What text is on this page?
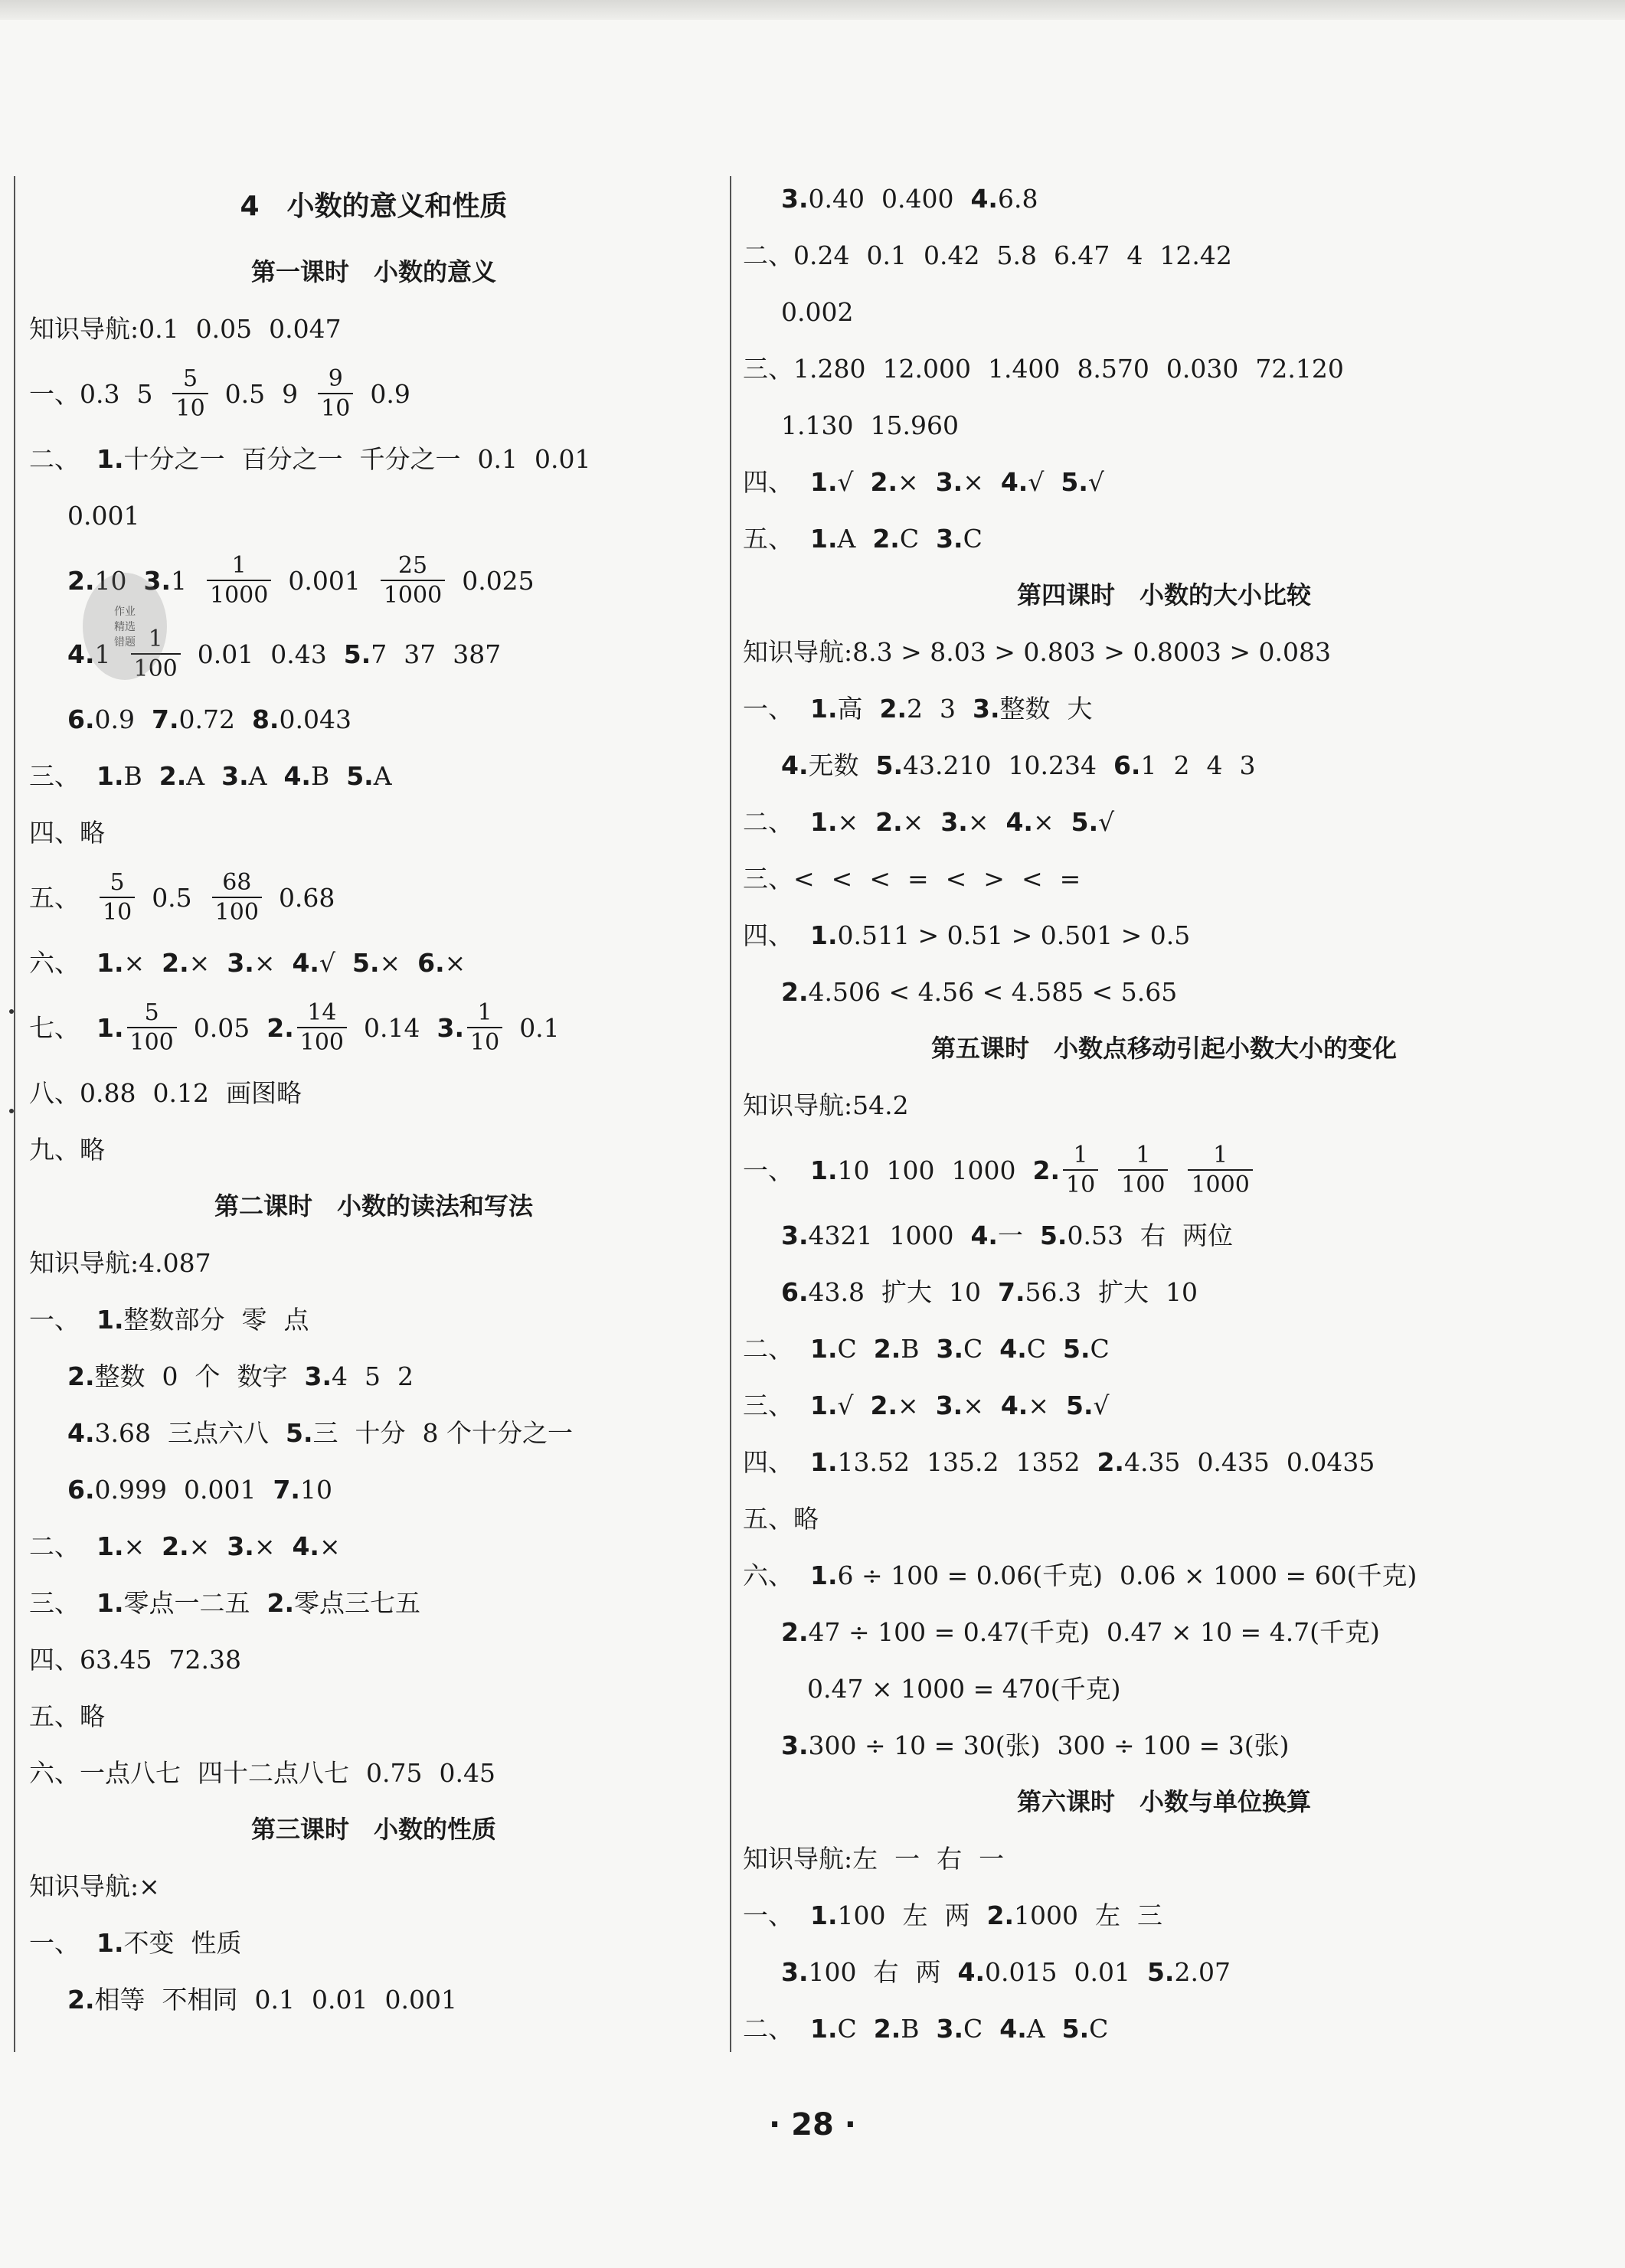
4　小数的意义和性质
第一课时　小数的意义
知识导航:0.1 0.05 0.047
一、0.3 $5 \frac{5}{10} 0.5$ $9 \frac{9}{10} 0.9$
二、 1. 十分之一 百分之一 千分之一 0.1 0.01
0.001
2. 10 3. $1 \frac{1}{1000} 0.001 \frac{25}{1000} 0.025$
4. $1 \frac{1}{100} 0.01$ 0.43 5. 7 37 387
6. 0.9 7. 0.72 8. 0.043
三、 1. B 2. A 3. A 4. B 5. A
四、略
五、 $\frac{5}{10} 0.5 \frac{68}{100} 0.68$
六、 1. × 2. × 3. × 4. √ 5. × 6. ×
七、 1. $\frac{5}{100} 0.05$ 2. $\frac{14}{100} 0.14$ 3. $\frac{1}{10} 0.1$
八、0.88 0.12 画图略
九、略
第二课时　小数的读法和写法
知识导航:4.087
一、 1. 整数部分 零 点
2. 整数 0 个 数字 3. 4 5 2
4. 3.68 三点六八 5. 三 十分 8 个十分之一
6. 0.999 0.001 7. 10
二、 1. × 2. × 3. × 4. ×
三、 1. 零点一二五 2. 零点三七五
四、63.45 72.38
五、略
六、一点八七 四十二点八七 0.75 0.45
第三课时　小数的性质
知识导航:×
一、 1. 不变 性质
2. 相等 不相同 0.1 0.01 0.001
3. 0.40 0.400 4. 6.8
二、0.24 0.1 0.42 5.8 6.47 4 12.42
0.002
三、1.280 12.000 1.400 8.570 0.030 72.120
1.130 15.960
四、 1. √ 2. × 3. × 4. √ 5. √
五、 1. A 2. C 3. C
第四课时　小数的大小比较
知识导航:8.3 > 8.03 > 0.803 > 0.8003 > 0.083
一、 1. 高 2. 2 3 3. 整数 大
4. 无数 5. 43.210 10.234 6. 1 2 4 3
二、 1. × 2. × 3. × 4. × 5. √
三、< < < = < > < =
四、 1. 0.511 > 0.51 > 0.501 > 0.5
2. 4.506 < 4.56 < 4.585 < 5.65
第五课时　小数点移动引起小数大小的变化
知识导航:54.2
一、 1. 10 100 1000 2. $\frac{1}{10} \frac{1}{100} \frac{1}{1000}$
3. 4321 1000 4. 一 5. 0.53 右 两位
6. 43.8 扩大 10 7. 56.3 扩大 10
二、 1. C 2. B 3. C 4. C 5. C
三、 1. √ 2. × 3. × 4. × 5. √
四、 1. 13.52 135.2 1352 2. 4.35 0.435 0.0435
五、略
六、 1. 6 ÷ 100 = 0.06(千克) 0.06 × 1000 = 60(千克)
2. 47 ÷ 100 = 0.47(千克) 0.47 × 10 = 4.7(千克)
0.47 × 1000 = 470(千克)
3. 300 ÷ 10 = 30(张) 300 ÷ 100 = 3(张)
第六课时　小数与单位换算
知识导航:左 一 右 一
一、 1. 100 左 两 2. 1000 左 三
3. 100 右 两 4. 0.015 0.01 5. 2.07
二、 1. C 2. B 3. C 4. A 5. C
作业
精选
错题
· 28 ·
